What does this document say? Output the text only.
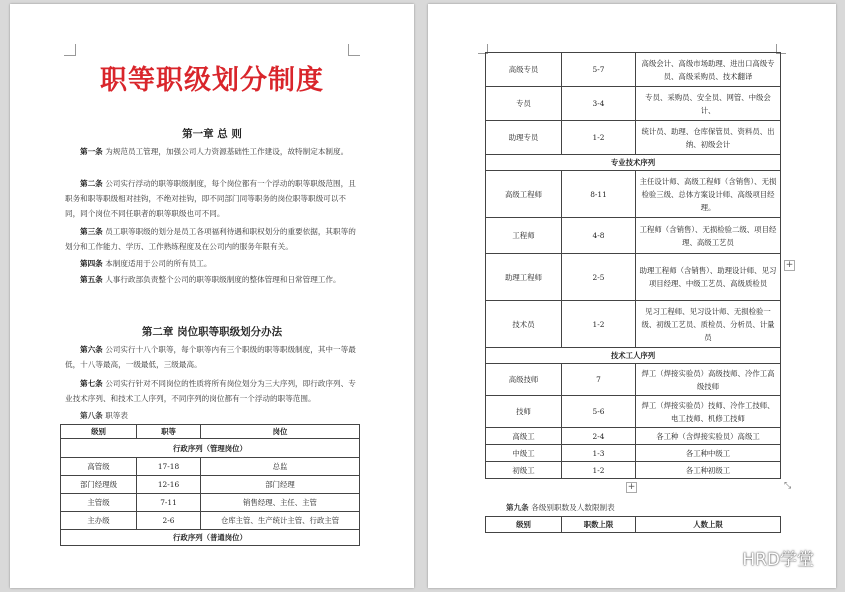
职等职级划分制度
第一章 总 则
第一条 为规范员工管理，加强公司人力资源基础性工作建设，故特制定本制度。
第二条 公司实行浮动的职等职级制度，每个岗位都有一个浮动的职等职级范围，且职务和职等职级相对挂钩，不绝对挂钩，即不同部门同等职务的岗位职等职级可以不同，同个岗位不同任职者的职等职级也可不同。
第三条 员工职等职级的划分是员工各项福利待遇和职权划分的重要依据，其职等的划分和工作能力、学历、工作熟练程度及在公司内的服务年限有关。
第四条 本制度适用于公司的所有员工。
第五条 人事行政部负责整个公司的职等职级制度的整体管理和日常管理工作。
第二章 岗位职等职级划分办法
第六条 公司实行十八个职等，每个职等内有三个职级的职等职级制度，其中一等最低，十八等最高，一级最低，三级最高。
第七条 公司实行针对不同岗位的性质将所有岗位划分为三大序列，即行政序列、专业技术序列、和技术工人序列，不同序列的岗位都有一个浮动的职等范围。
第八条 职等表
级别	职等	岗位
行政序列（管理岗位）		
高管级	17-18	总监
部门经理级	12-16	部门经理
主管级	7-11	销售经理、主任、主管
主办级	2-6	仓库主管、生产统计主管、行政主管
行政序列（普通岗位）		
高级专员	5-7	高级会计、高级市场助理、进出口高级专员、高级采购员、技术翻译
专员	3-4	专员、采购员、安全员、网管、中级会计、
助理专员	1-2	统计员、助理、仓库保管员、资料员、出纳、初级会计
专业技术序列		
高级工程师	8-11	主任设计师、高级工程师（含销售）、无损检验三级、总体方案设计师、高级项目经理。
工程师	4-8	工程师（含销售）、无损检验二级、项目经理、高级工艺员
助理工程师	2-5	助理工程师（含销售）、助理设计师、见习项目经理、中级工艺员、高级质检员
技术员	1-2	见习工程师、见习设计师、无损检验一级、初级工艺员、质检员、分析员、计量员
技术工人序列		
高级技师	7	焊工（焊接实验员）高级技师、冷作工高级技师
技师	5-6	焊工（焊接实验员）技师、冷作工技师、电工技师、机修工技师
高级工	2-4	各工种（含焊接实验员）高级工
中级工	1-3	各工种中级工
初级工	1-2	各工种初级工
+
+
⤡
第九条 各级别职数及人数限制表
级别	职数上限	人数上限
HRD学堂
